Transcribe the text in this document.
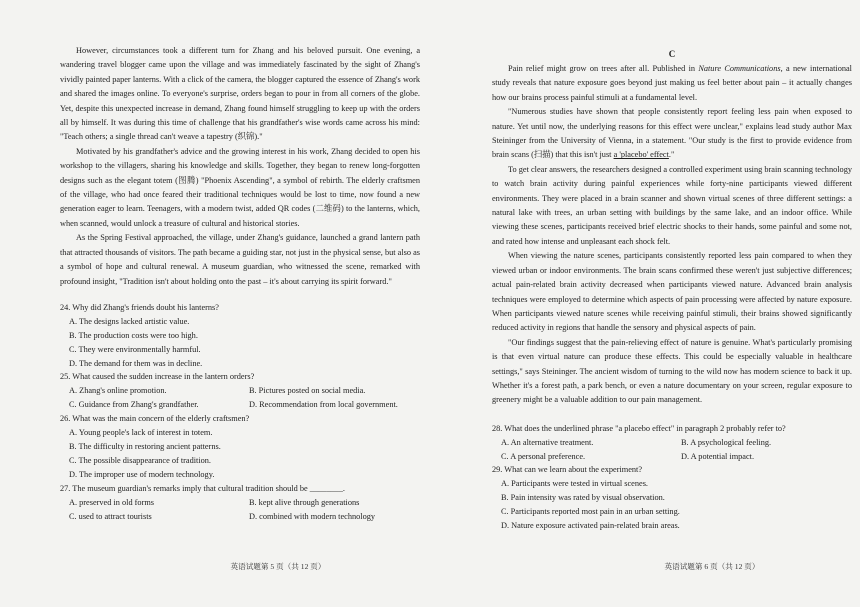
However, circumstances took a different turn for Zhang and his beloved pursuit. One evening, a wandering travel blogger came upon the village and was immediately fascinated by the sight of Zhang's vividly painted paper lanterns. With a click of the camera, the blogger captured the essence of Zhang's work and shared the images online. To everyone's surprise, orders began to pour in from all corners of the globe. Yet, despite this unexpected increase in demand, Zhang found himself struggling to keep up with the orders all by himself. It was during this time of challenge that his grandfather's wise words came across his mind: "Teach others; a single thread can't weave a tapestry (织锦)."

Motivated by his grandfather's advice and the growing interest in his work, Zhang decided to open his workshop to the villagers, sharing his knowledge and skills. Together, they began to renew long-forgotten designs such as the elegant totem (图腾) "Phoenix Ascending", a symbol of rebirth. The elderly craftsmen of the village, who had once feared their traditional techniques would be lost to time, now found a new generation eager to learn. Teenagers, with a modern twist, added QR codes (二维码) to the lanterns, which, when scanned, would unlock a treasure of cultural and historical stories.

As the Spring Festival approached, the village, under Zhang's guidance, launched a grand lantern path that attracted thousands of visitors. The path became a guiding star, not just in the physical sense, but also as a symbol of hope and cultural renewal. A museum guardian, who witnessed the scene, remarked with profound insight, "Tradition isn't about holding onto the past – it's about carrying its spirit forward."

24. Why did Zhang's friends doubt his lanterns?
A. The designs lacked artistic value.
B. The production costs were too high.
C. They were environmentally harmful.
D. The demand for them was in decline.
25. What caused the sudden increase in the lantern orders?
A. Zhang's online promotion.	B. Pictures posted on social media.
C. Guidance from Zhang's grandfather.	D. Recommendation from local government.
26. What was the main concern of the elderly craftsmen?
A. Young people's lack of interest in totem.
B. The difficulty in restoring ancient patterns.
C. The possible disappearance of tradition.
D. The improper use of modern technology.
27. The museum guardian's remarks imply that cultural tradition should be ________.
A. preserved in old forms	B. kept alive through generations
C. used to attract tourists	D. combined with modern technology
英语试题第 5 页（共 12 页）

C

Pain relief might grow on trees after all. Published in Nature Communications, a new international study reveals that nature exposure goes beyond just making us feel better about pain – it actually changes how our brains process painful stimuli at a fundamental level.

"Numerous studies have shown that people consistently report feeling less pain when exposed to nature. Yet until now, the underlying reasons for this effect were unclear," explains lead study author Max Steininger from the University of Vienna, in a statement. "Our study is the first to provide evidence from brain scans (扫描) that this isn't just a 'placebo' effect."

To get clear answers, the researchers designed a controlled experiment using brain scanning technology to watch brain activity during painful experiences while forty-nine participants viewed different environments. They were placed in a brain scanner and shown virtual scenes of three different settings: a natural lake with trees, an urban setting with buildings by the same lake, and an indoor office. While viewing these scenes, participants received brief electric shocks to their hands, some painful and some not, and rated how intense and unpleasant each shock felt.

When viewing the nature scenes, participants consistently reported less pain compared to when they viewed urban or indoor environments. The brain scans confirmed these weren't just subjective differences; actual pain-related brain activity decreased when participants viewed nature. Advanced brain analysis techniques were employed to determine which aspects of pain processing were affected by nature exposure. When participants viewed nature scenes while receiving painful stimuli, their brains showed significantly reduced activity in regions that handle the sensory and physical aspects of pain.

"Our findings suggest that the pain-relieving effect of nature is genuine. What's particularly promising is that even virtual nature can produce these effects. This could be especially valuable in healthcare settings," says Steininger. The ancient wisdom of turning to the wild now has modern science to back it up. Whether it's a forest path, a park bench, or even a nature documentary on your screen, regular exposure to greenery might be a valuable addition to our pain management.

28. What does the underlined phrase "a placebo effect" in paragraph 2 probably refer to?
A. An alternative treatment.	B. A psychological feeling.
C. A personal preference.	D. A potential impact.
29. What can we learn about the experiment?
A. Participants were tested in virtual scenes.
B. Pain intensity was rated by visual observation.
C. Participants reported most pain in an urban setting.
D. Nature exposure activated pain-related brain areas.
英语试题第 6 页（共 12 页）
